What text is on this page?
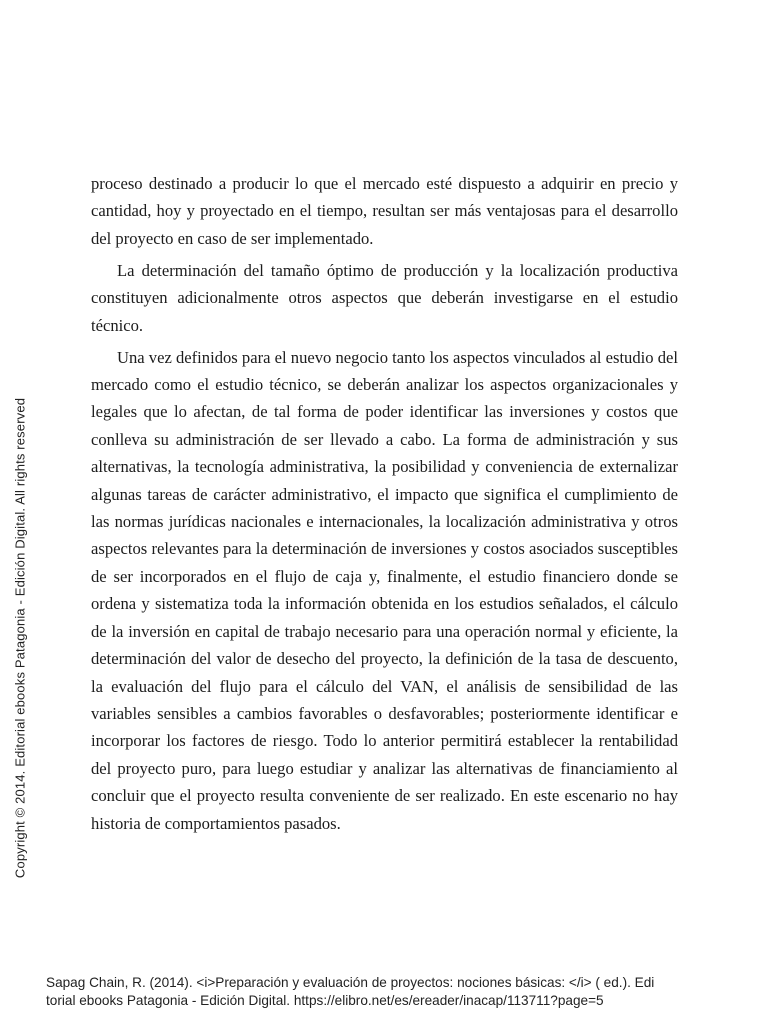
proceso destinado a producir lo que el mercado esté dispuesto a adquirir en precio y cantidad, hoy y proyectado en el tiempo, resultan ser más ventajosas para el desarrollo del proyecto en caso de ser implementado.

La determinación del tamaño óptimo de producción y la localización productiva constituyen adicionalmente otros aspectos que deberán investigarse en el estudio técnico.

Una vez definidos para el nuevo negocio tanto los aspectos vinculados al estudio del mercado como el estudio técnico, se deberán analizar los aspectos organizacionales y legales que lo afectan, de tal forma de poder identificar las inversiones y costos que conlleva su administración de ser llevado a cabo. La forma de administración y sus alternativas, la tecnología administrativa, la posibilidad y conveniencia de externalizar algunas tareas de carácter administrativo, el impacto que significa el cumplimiento de las normas jurídicas nacionales e internacionales, la localización administrativa y otros aspectos relevantes para la determinación de inversiones y costos asociados susceptibles de ser incorporados en el flujo de caja y, finalmente, el estudio financiero donde se ordena y sistematiza toda la información obtenida en los estudios señalados, el cálculo de la inversión en capital de trabajo necesario para una operación normal y eficiente, la determinación del valor de desecho del proyecto, la definición de la tasa de descuento, la evaluación del flujo para el cálculo del VAN, el análisis de sensibilidad de las variables sensibles a cambios favorables o desfavorables; posteriormente identificar e incorporar los factores de riesgo. Todo lo anterior permitirá establecer la rentabilidad del proyecto puro, para luego estudiar y analizar las alternativas de financiamiento al concluir que el proyecto resulta conveniente de ser realizado. En este escenario no hay historia de comportamientos pasados.

Copyright © 2014. Editorial ebooks Patagonia - Edición Digital. All rights reserved
Sapag Chain, R. (2014). <i>Preparación y evaluación de proyectos: nociones básicas: </i> ( ed.). Edi
torial ebooks Patagonia - Edición Digital. https://elibro.net/es/ereader/inacap/113711?page=5
